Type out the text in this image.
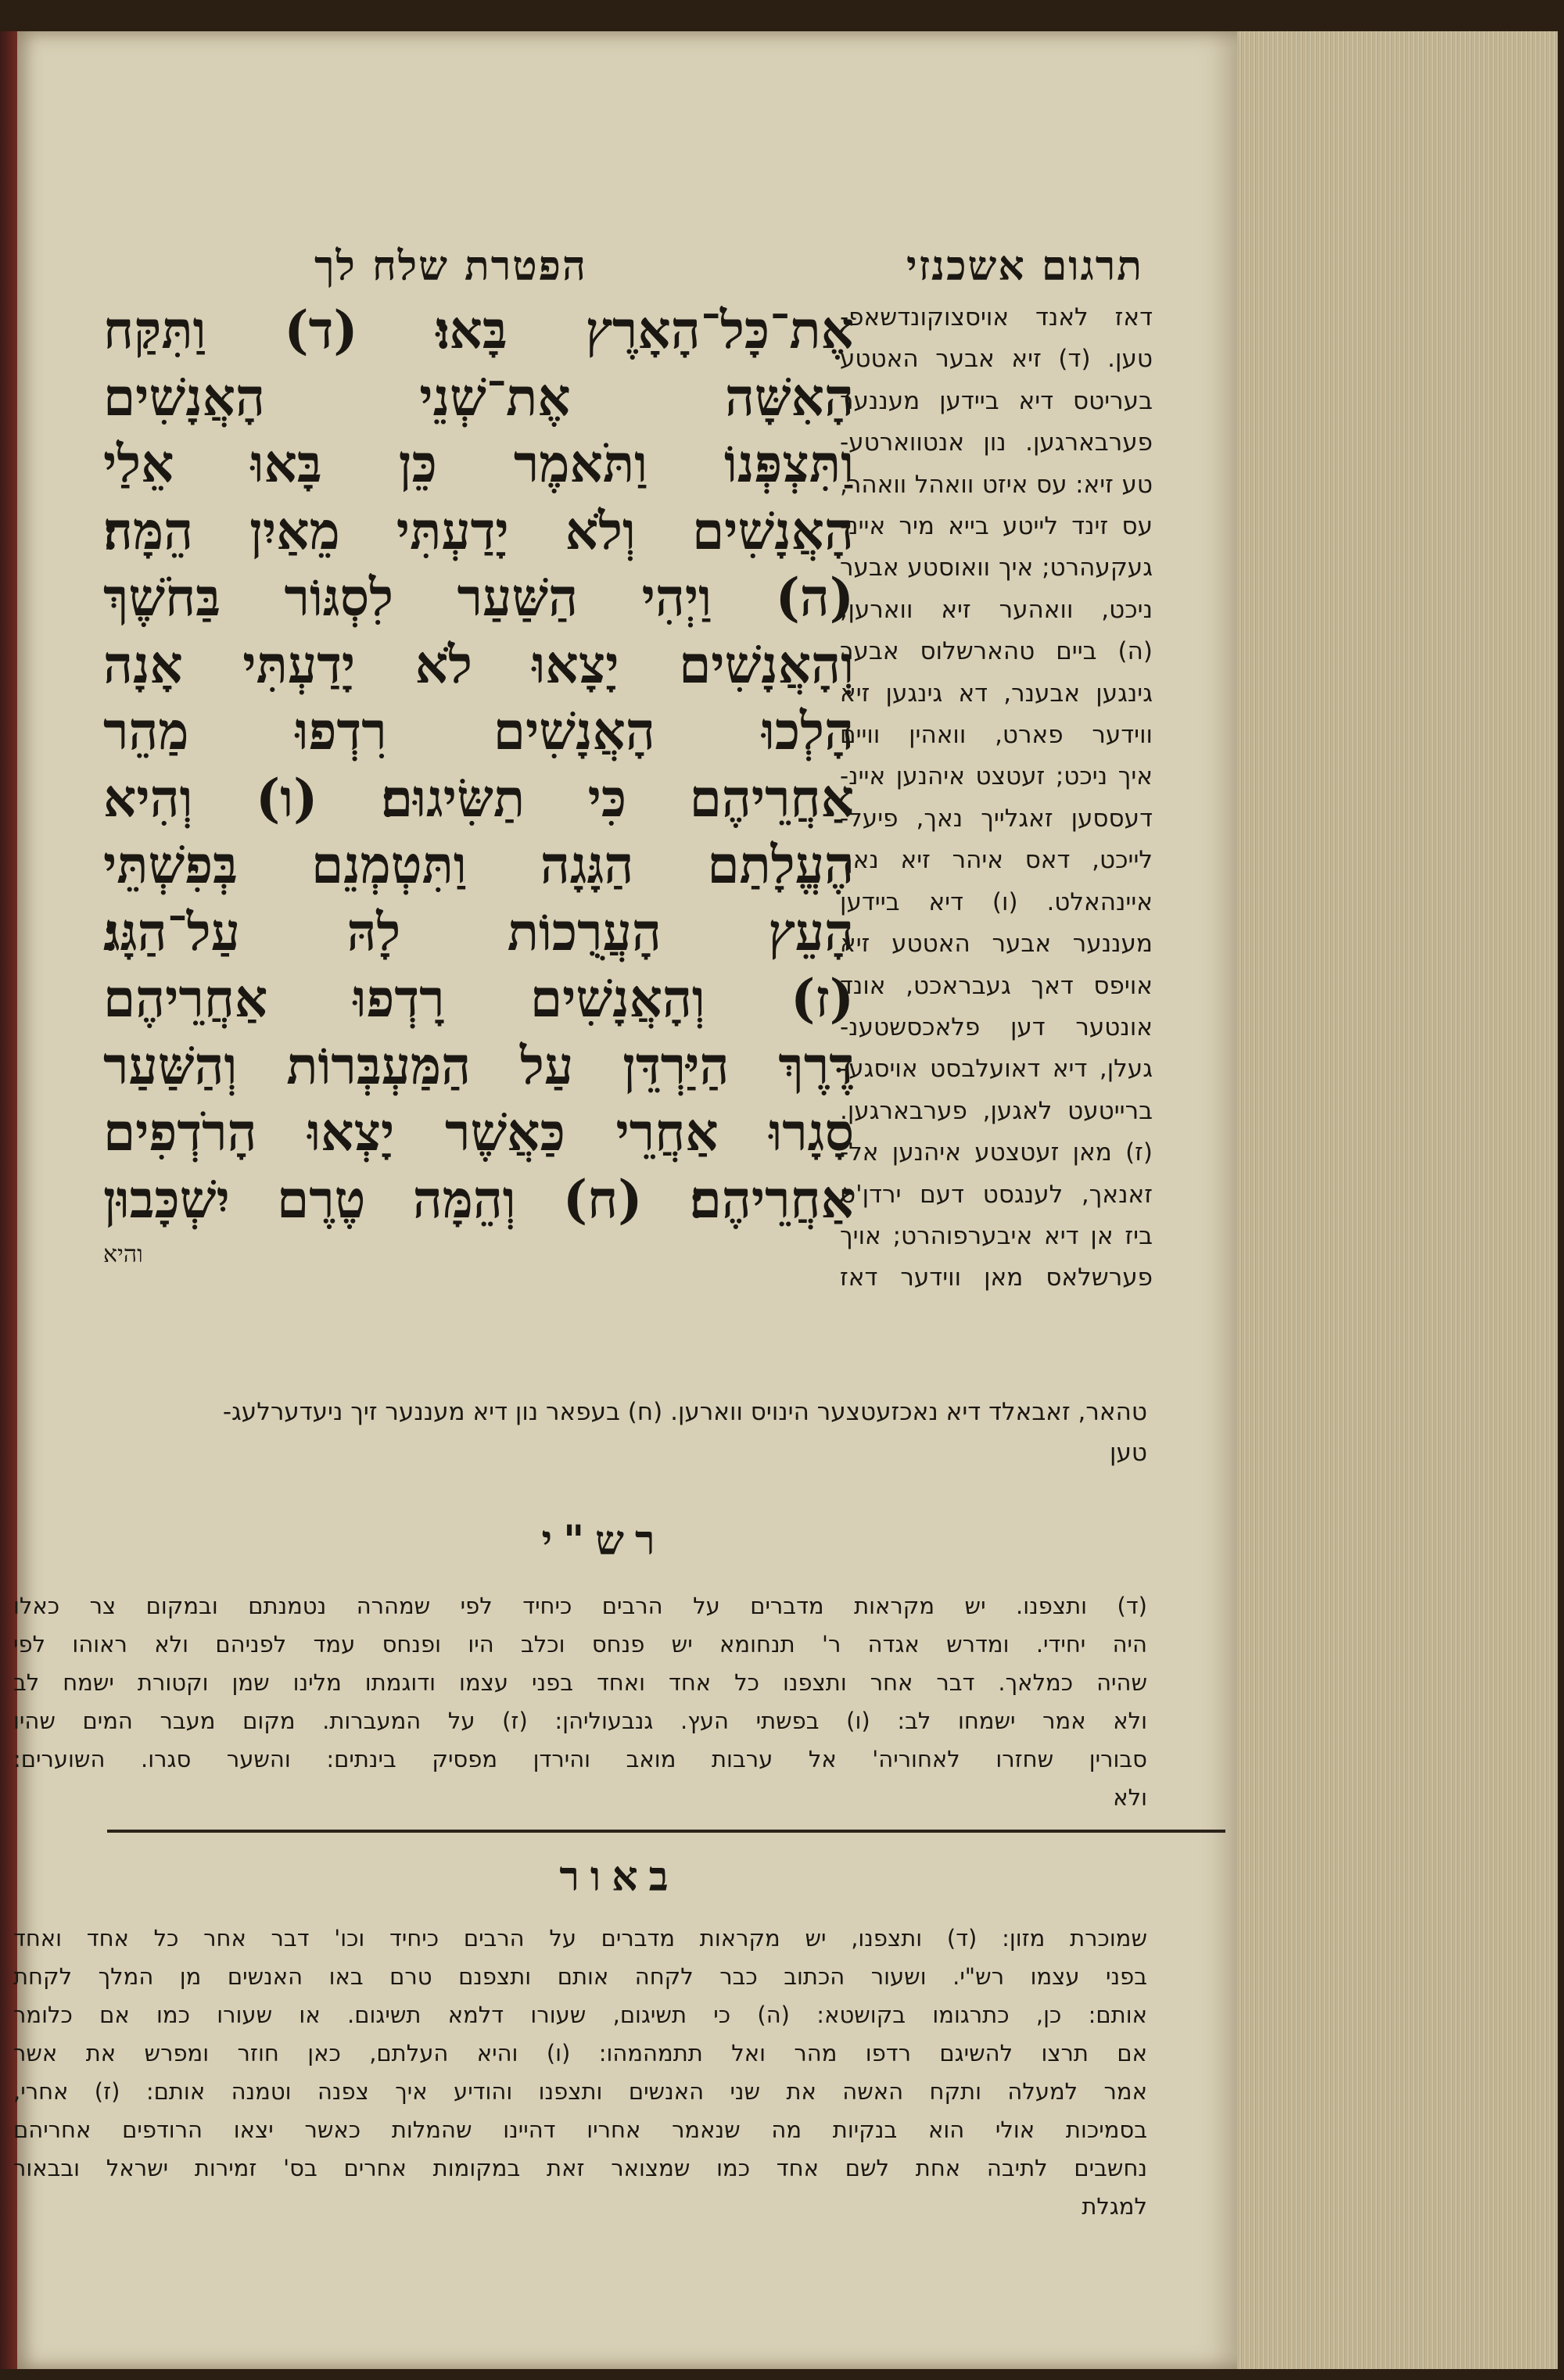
תרגום אשכנזי
הפטרת שלח לך
דאז לאנד אויסצוקונדשאפ-
טען. (ד) זיא אבער האטטע
בעריטס דיא ביידען מעננער
פערבארגען. נון אנטווארטע-
טע זיא: עס איזט וואהל וואהר,
עס זינד לייטע בייא מיר איינ-
געקעהרט; איך וואוסטע אבער
ניכט, וואהער זיא ווארען;
(ה) ביים טהארשלוס אבער
גינגען אבענר, דא גינגען זיא
ווידער פארט, וואהין וויים
איך ניכט; זעטצט איהנען איינ-
דעססען זאגלייך נאך, פיעל-
לייכט, דאס איהר זיא נאך
איינהאלט. (ו) דיא ביידען
מעננער אבער האטטע זיא
אויפס דאך געבראכט, אונד
אונטער דען פלאכסשטענ-
געלן, דיא דאועלבסט אויסגע-
ברייטעט לאגען, פערבארגען.
(ז) מאן זעטצטע איהנען אל-
זאנאך, לענגסט דעם ירדן'ס
ביז אן דיא איבערפוהרט; אויך
פערשלאס מאן ווידער דאז
אֶת־כָּל־הָאָרֶץ בָּאוּ׃ (ד) וַתִּקַּח
הָאִשָּׁה אֶת־שְׁנֵי הָאֲנָשִׁים
וַתִּצְפְּנוֹ וַתֹּאמֶר כֵּן בָּאוּ אֵלַי
הָאֲנָשִׁים וְלֹא יָדַעְתִּי מֵאַיִן הֵמָּה׃
(ה) וַיְהִי הַשַּׁעַר לִסְגּוֹר בַּחֹשֶׁךְ
וְהָאֲנָשִׁים יָצָאוּ לֹא יָדַעְתִּי אָנָה
הָלְכוּ הָאֲנָשִׁים רִדְפוּ מַהֵר
אַחֲרֵיהֶם כִּי תַשִּׂיגוּם׃ (ו) וְהִיא
הֶעֱלָתַם הַגָּגָה וַתִּטְמְנֵם בְּפִשְׁתֵּי
הָעֵץ הָעֲרֻכוֹת לָהּ עַל־הַגָּג׃
(ז) וְהָאֲנָשִׁים רָדְפוּ אַחֲרֵיהֶם
דֶּרֶךְ הַיַּרְדֵּן עַל הַמַּעְבְּרוֹת וְהַשַּׁעַר
סָגָרוּ אַחֲרֵי כַּאֲשֶׁר יָצְאוּ הָרֹדְפִים
אַחֲרֵיהֶם׃ (ח) וְהֵמָּה טֶרֶם יִשְׁכָּבוּן
והיא
טהאר, זאבאלד דיא נאכזעטצער הינויס ווארען. (ח) בעפאר נון דיא מעננער זיך ניעדערלעג-
טען
רש"י
(ד) ותצפנו. יש מקראות מדברים על הרבים כיחיד לפי שמהרה נטמנתם ובמקום צר כאלו
היה יחידי. ומדרש אגדה ר' תנחומא יש פנחס וכלב היו ופנחס עמד לפניהם ולא ראוהו לפי
שהיה כמלאך. דבר אחר ותצפנו כל אחד ואחד בפני עצמו ודוגמתו מלינו שמן וקטורת ישמח לב
ולא אמר ישמחו לב: (ו) בפשתי העץ. גנבעוליהן: (ז) על המעברות. מקום מעבר המים שהיו
סבורין שחזרו לאחוריה' אל ערבות מואב והירדן מפסיק בינתים: והשער סגרו. השוערים:
ולא
באור
שמוכרת מזון: (ד) ותצפנו, יש מקראות מדברים על הרבים כיחיד וכו' דבר אחר כל אחד ואחד
בפני עצמו רש"י. ושעור הכתוב כבר לקחה אותם ותצפנם טרם באו האנשים מן המלך לקחת
אותם: כן, כתרגומו בקושטא: (ה) כי תשיגום, שעורו דלמא תשיגום. או שעורו כמו אם כלומר
אם תרצו להשיגם רדפו מהר ואל תתמהמהו: (ו) והיא העלתם, כאן חוזר ומפרש את אשר
אמר למעלה ותקח האשה את שני האנשים ותצפנו והודיע איך צפנה וטמנה אותם: (ז) אחרי,
בסמיכות אולי הוא בנקיות מה שנאמר אחריו דהיינו שהמלות כאשר יצאו הרודפים אחריהם
נחשבים לתיבה אחת לשם אחד כמו שמצואר זאת במקומות אחרים בס' זמירות ישראל ובבאור
למגלת
